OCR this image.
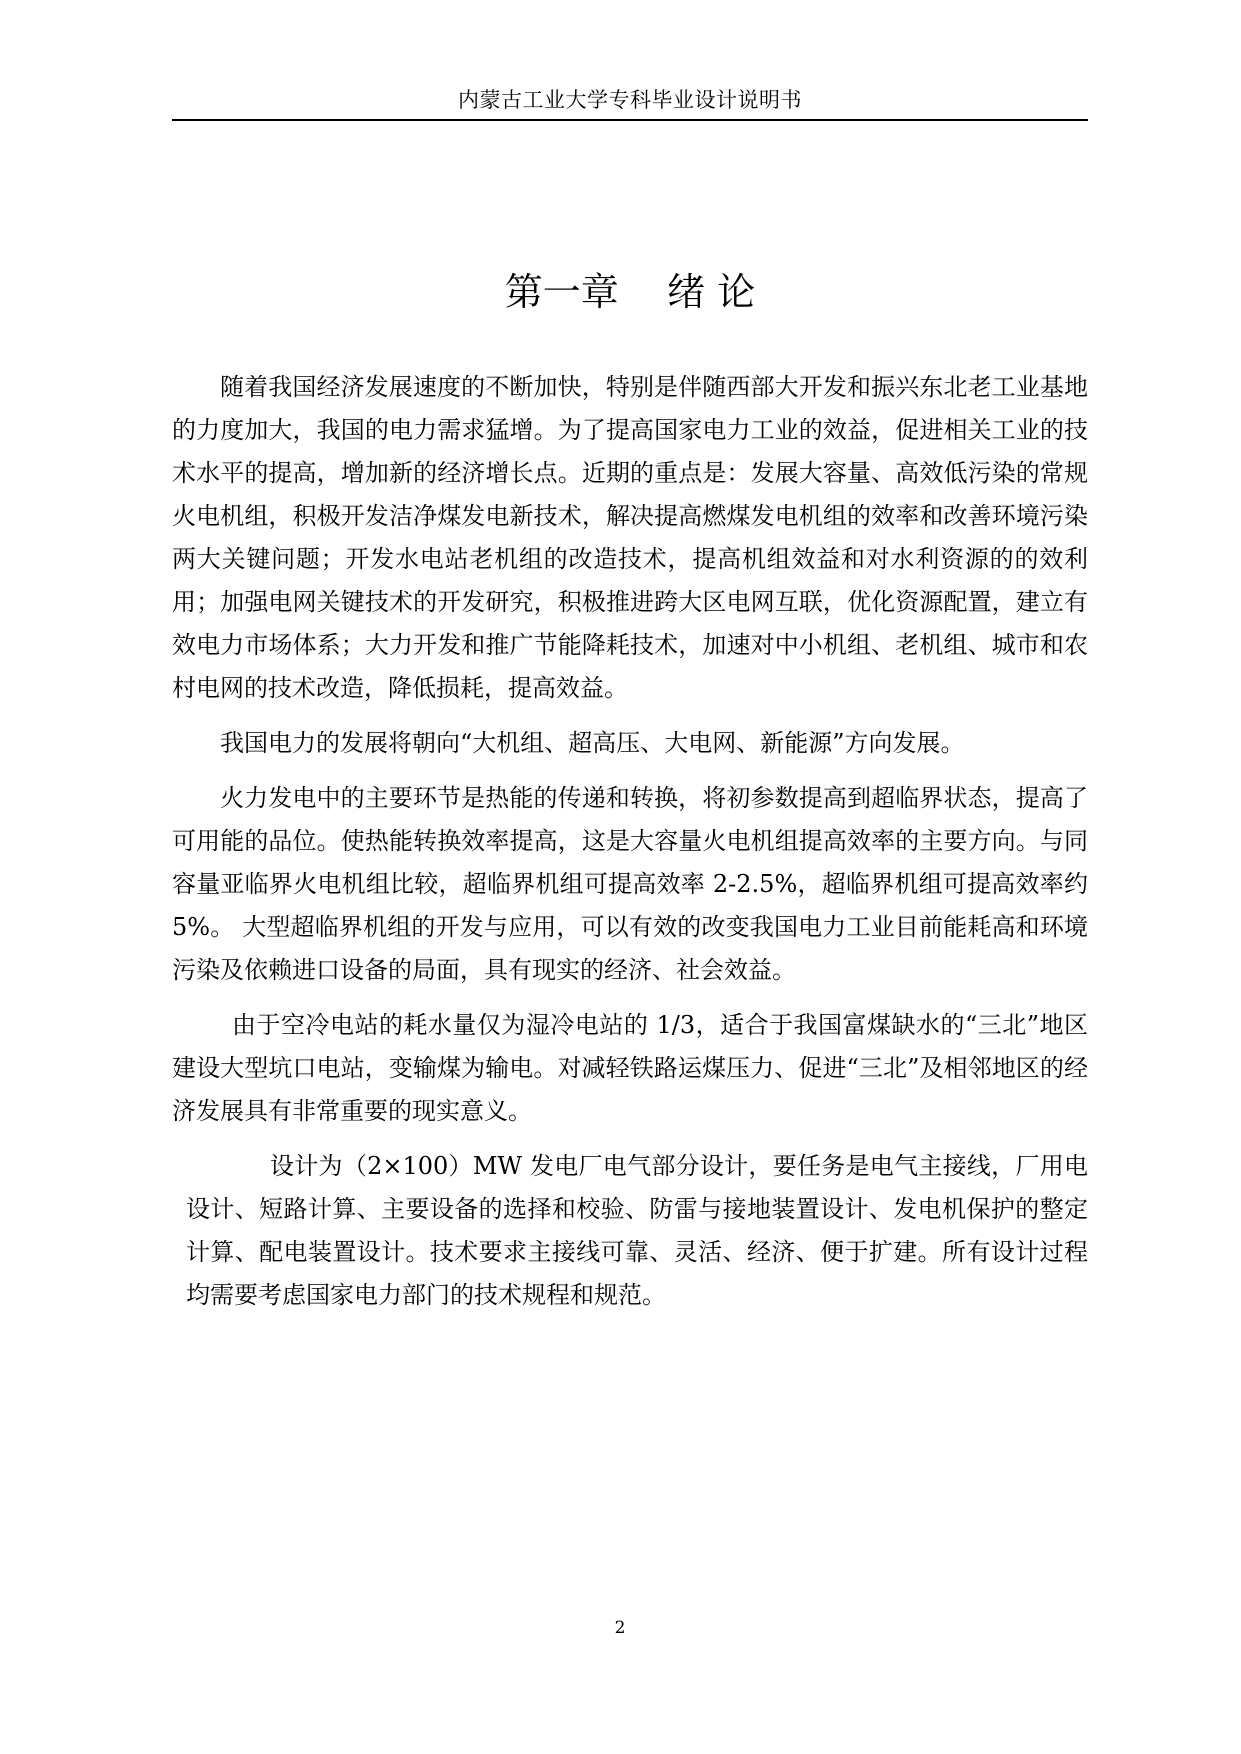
内蒙古工业大学专科毕业设计说明书
第一章    绪 论

随着我国经济发展速度的不断加快，特别是伴随西部大开发和振兴东北老工业基地的力度加大，我国的电力需求猛增。为了提高国家电力工业的效益，促进相关工业的技术水平的提高，增加新的经济增长点。近期的重点是：发展大容量、高效低污染的常规火电机组，积极开发洁净煤发电新技术，解决提高燃煤发电机组的效率和改善环境污染两大关键问题；开发水电站老机组的改造技术，提高机组效益和对水利资源的的效利用；加强电网关键技术的开发研究，积极推进跨大区电网互联，优化资源配置，建立有效电力市场体系；大力开发和推广节能降耗技术，加速对中小机组、老机组、城市和农村电网的技术改造，降低损耗，提高效益。

我国电力的发展将朝向“大机组、超高压、大电网、新能源”方向发展。

火力发电中的主要环节是热能的传递和转换，将初参数提高到超临界状态，提高了可用能的品位。使热能转换效率提高，这是大容量火电机组提高效率的主要方向。与同容量亚临界火电机组比较，超临界机组可提高效率 2-2.5%，超临界机组可提高效率约 5%。 大型超临界机组的开发与应用，可以有效的改变我国电力工业目前能耗高和环境污染及依赖进口设备的局面，具有现实的经济、社会效益。

由于空冷电站的耗水量仅为湿冷电站的 1/3，适合于我国富煤缺水的“三北”地区建设大型坑口电站，变输煤为输电。对减轻铁路运煤压力、促进“三北”及相邻地区的经济发展具有非常重要的现实意义。

设计为（2×100）MW 发电厂电气部分设计，要任务是电气主接线，厂用电设计、短路计算、主要设备的选择和校验、防雷与接地装置设计、发电机保护的整定计算、配电装置设计。技术要求主接线可靠、灵活、经济、便于扩建。所有设计过程均需要考虑国家电力部门的技术规程和规范。

2
